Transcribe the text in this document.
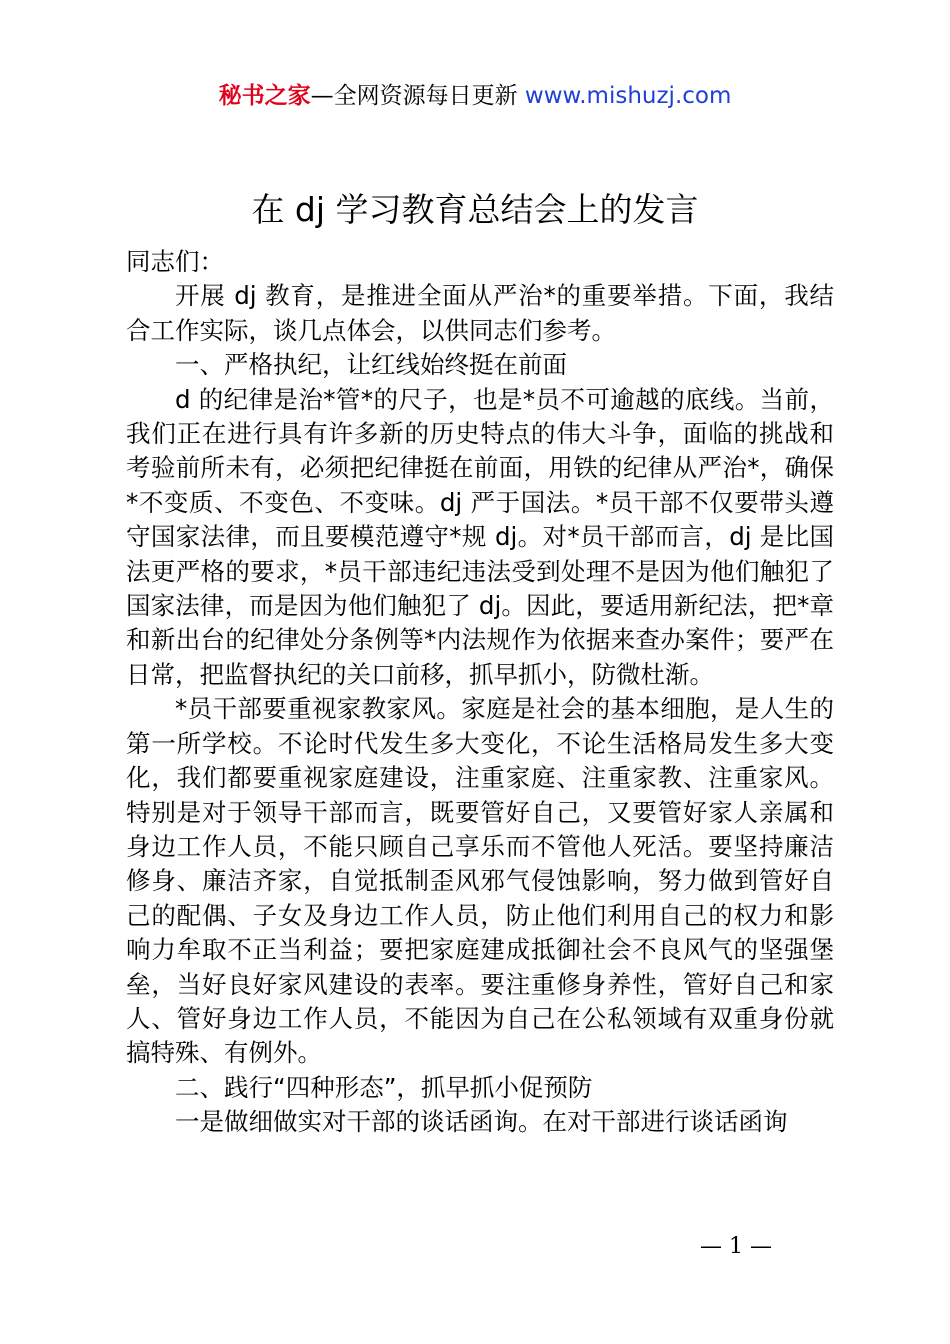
秘书之家—全网资源每日更新 www.mishuzj.com
在 dj 学习教育总结会上的发言

同志们：

开展 dj 教育，是推进全面从严治*的重要举措。下面，我结合工作实际，谈几点体会，以供同志们参考。

一、严格执纪，让红线始终挺在前面

d 的纪律是治*管*的尺子，也是*员不可逾越的底线。当前，我们正在进行具有许多新的历史特点的伟大斗争，面临的挑战和考验前所未有，必须把纪律挺在前面，用铁的纪律从严治*，确保*不变质、不变色、不变味。dj 严于国法。*员干部不仅要带头遵守国家法律，而且要模范遵守*规 dj。对*员干部而言，dj 是比国法更严格的要求，*员干部违纪违法受到处理不是因为他们触犯了国家法律，而是因为他们触犯了 dj。因此，要适用新纪法，把*章和新出台的纪律处分条例等*内法规作为依据来查办案件；要严在日常，把监督执纪的关口前移，抓早抓小，防微杜渐。

*员干部要重视家教家风。家庭是社会的基本细胞，是人生的第一所学校。不论时代发生多大变化，不论生活格局发生多大变化，我们都要重视家庭建设，注重家庭、注重家教、注重家风。特别是对于领导干部而言，既要管好自己，又要管好家人亲属和身边工作人员，不能只顾自己享乐而不管他人死活。要坚持廉洁修身、廉洁齐家，自觉抵制歪风邪气侵蚀影响，努力做到管好自己的配偶、子女及身边工作人员，防止他们利用自己的权力和影响力牟取不正当利益；要把家庭建成抵御社会不良风气的坚强堡垒，当好良好家风建设的表率。要注重修身养性，管好自己和家人、管好身边工作人员，不能因为自己在公私领域有双重身份就搞特殊、有例外。

二、践行“四种形态”，抓早抓小促预防

一是做细做实对干部的谈话函询。在对干部进行谈话函询

— 1 —
